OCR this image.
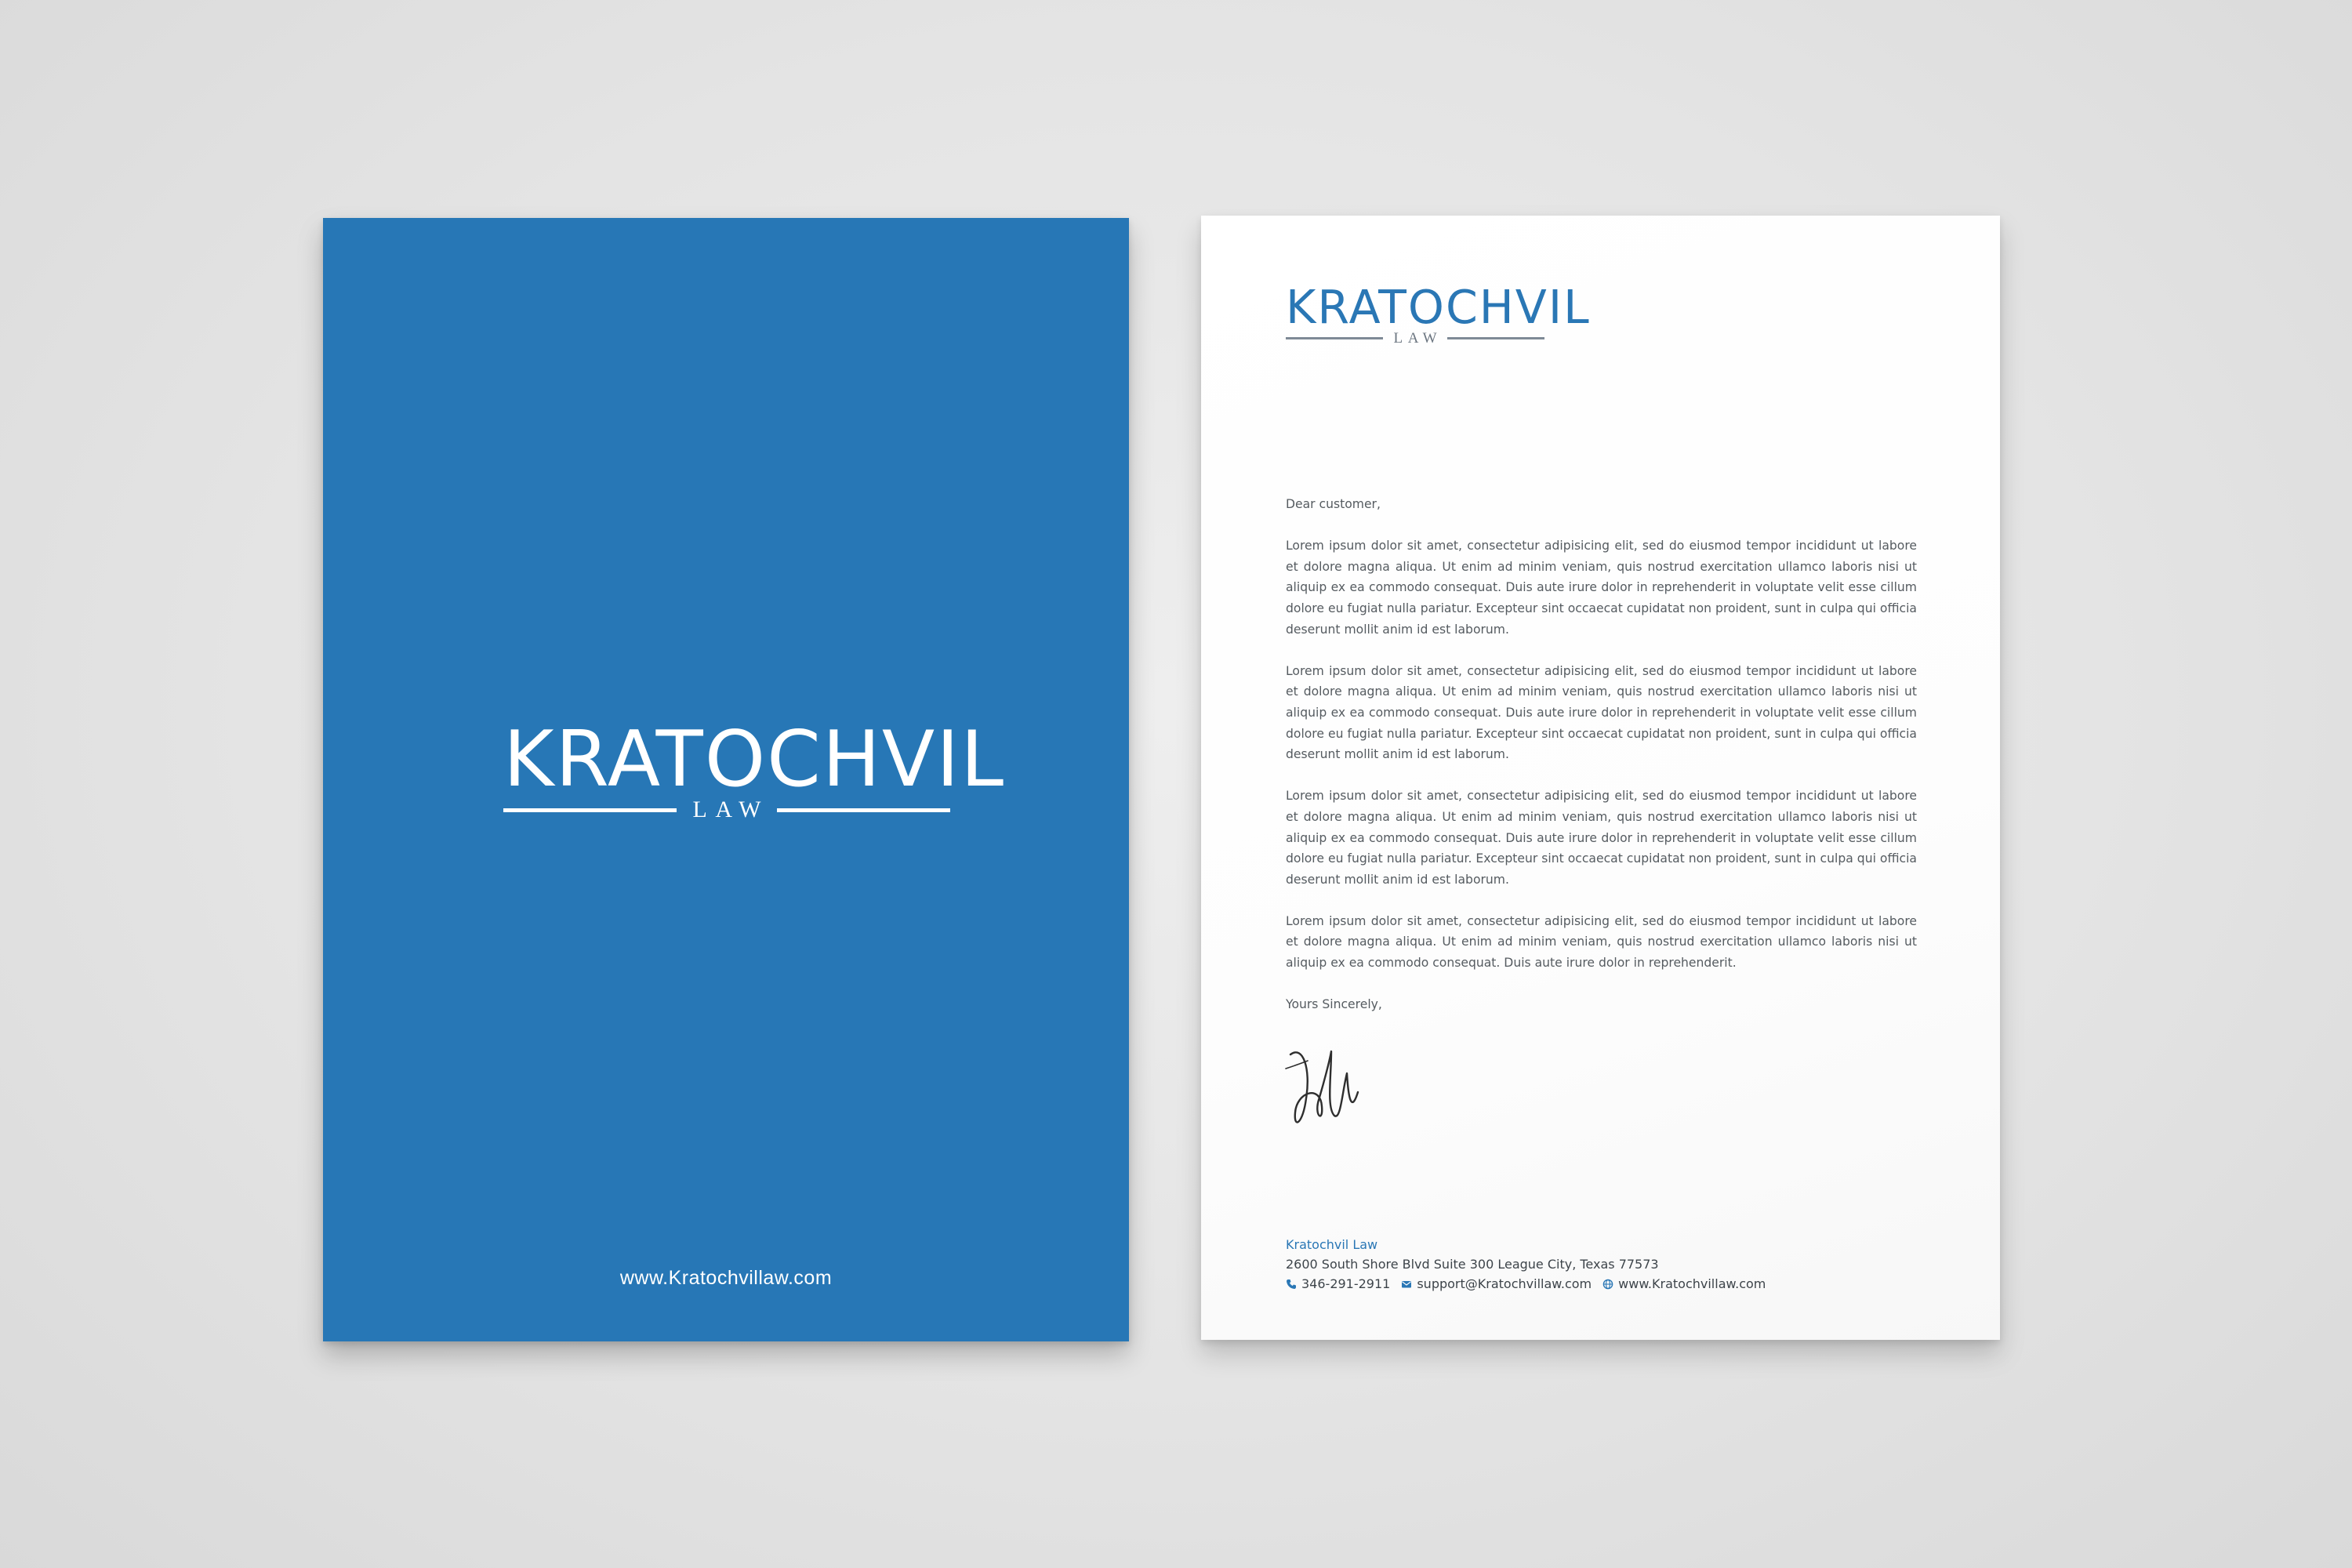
KRATOCHVIL
LAW
www.Kratochvillaw.com
KRATOCHVIL
LAW

Dear customer,

Lorem ipsum dolor sit amet, consectetur adipisicing elit, sed do eiusmod tempor incididunt ut labore et dolore magna aliqua. Ut enim ad minim veniam, quis nostrud exercitation ullamco laboris nisi ut aliquip ex ea commodo consequat. Duis aute irure dolor in reprehenderit in voluptate velit esse cillum dolore eu fugiat nulla pariatur. Excepteur sint occaecat cupidatat non proident, sunt in culpa qui officia deserunt mollit anim id est laborum.

Lorem ipsum dolor sit amet, consectetur adipisicing elit, sed do eiusmod tempor incididunt ut labore et dolore magna aliqua. Ut enim ad minim veniam, quis nostrud exercitation ullamco laboris nisi ut aliquip ex ea commodo consequat. Duis aute irure dolor in reprehenderit in voluptate velit esse cillum dolore eu fugiat nulla pariatur. Excepteur sint occaecat cupidatat non proident, sunt in culpa qui officia deserunt mollit anim id est laborum.

Lorem ipsum dolor sit amet, consectetur adipisicing elit, sed do eiusmod tempor incididunt ut labore et dolore magna aliqua. Ut enim ad minim veniam, quis nostrud exercitation ullamco laboris nisi ut aliquip ex ea commodo consequat. Duis aute irure dolor in reprehenderit in voluptate velit esse cillum dolore eu fugiat nulla pariatur. Excepteur sint occaecat cupidatat non proident, sunt in culpa qui officia deserunt mollit anim id est laborum.

Lorem ipsum dolor sit amet, consectetur adipisicing elit, sed do eiusmod tempor incididunt ut labore et dolore magna aliqua. Ut enim ad minim veniam, quis nostrud exercitation ullamco laboris nisi ut aliquip ex ea commodo consequat. Duis aute irure dolor in reprehenderit.

Yours Sincerely,

Kratochvil Law
2600 South Shore Blvd Suite 300 League City, Texas 77573
346-291-2911 support@Kratochvillaw.com www.Kratochvillaw.com
